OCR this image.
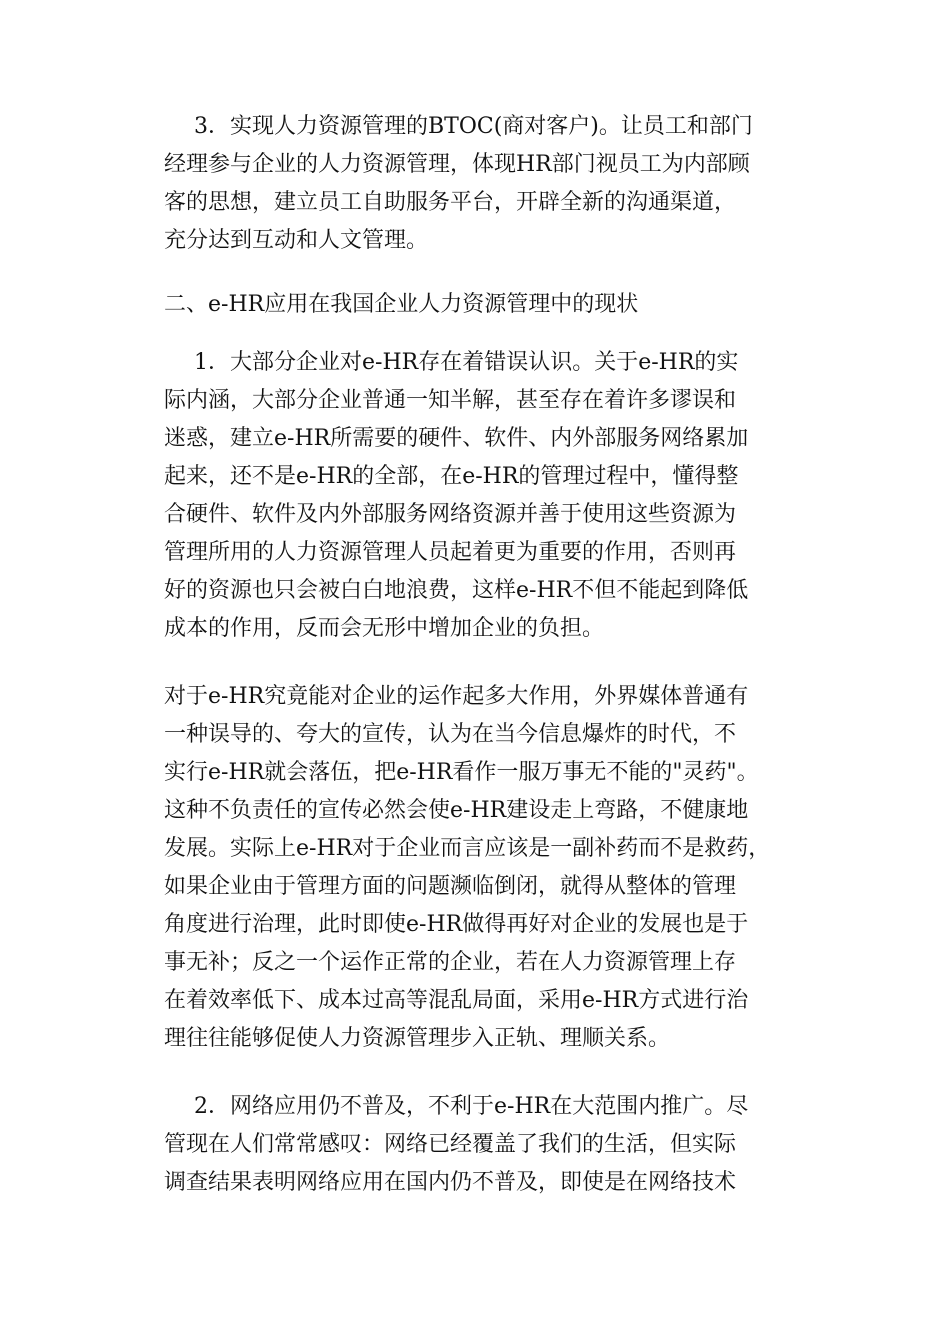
3．实现人力资源管理的BTOC(商对客户)。让员工和部门
经理参与企业的人力资源管理，体现HR部门视员工为内部顾
客的思想，建立员工自助服务平台，开辟全新的沟通渠道，
充分达到互动和人文管理。
二、e-HR应用在我国企业人力资源管理中的现状
1．大部分企业对e-HR存在着错误认识。关于e-HR的实
际内涵，大部分企业普通一知半解，甚至存在着许多谬误和
迷惑，建立e-HR所需要的硬件、软件、内外部服务网络累加
起来，还不是e-HR的全部，在e-HR的管理过程中，懂得整
合硬件、软件及内外部服务网络资源并善于使用这些资源为
管理所用的人力资源管理人员起着更为重要的作用，否则再
好的资源也只会被白白地浪费，这样e-HR不但不能起到降低
成本的作用，反而会无形中增加企业的负担。
对于e-HR究竟能对企业的运作起多大作用，外界媒体普通有
一种误导的、夸大的宣传，认为在当今信息爆炸的时代，不
实行e-HR就会落伍，把e-HR看作一服万事无不能的"灵药"。
这种不负责任的宣传必然会使e-HR建设走上弯路，不健康地
发展。实际上e-HR对于企业而言应该是一副补药而不是救药，
如果企业由于管理方面的问题濒临倒闭，就得从整体的管理
角度进行治理，此时即使e-HR做得再好对企业的发展也是于
事无补；反之一个运作正常的企业，若在人力资源管理上存
在着效率低下、成本过高等混乱局面，采用e-HR方式进行治
理往往能够促使人力资源管理步入正轨、理顺关系。
2．网络应用仍不普及，不利于e-HR在大范围内推广。尽
管现在人们常常感叹：网络已经覆盖了我们的生活，但实际
调查结果表明网络应用在国内仍不普及，即使是在网络技术
